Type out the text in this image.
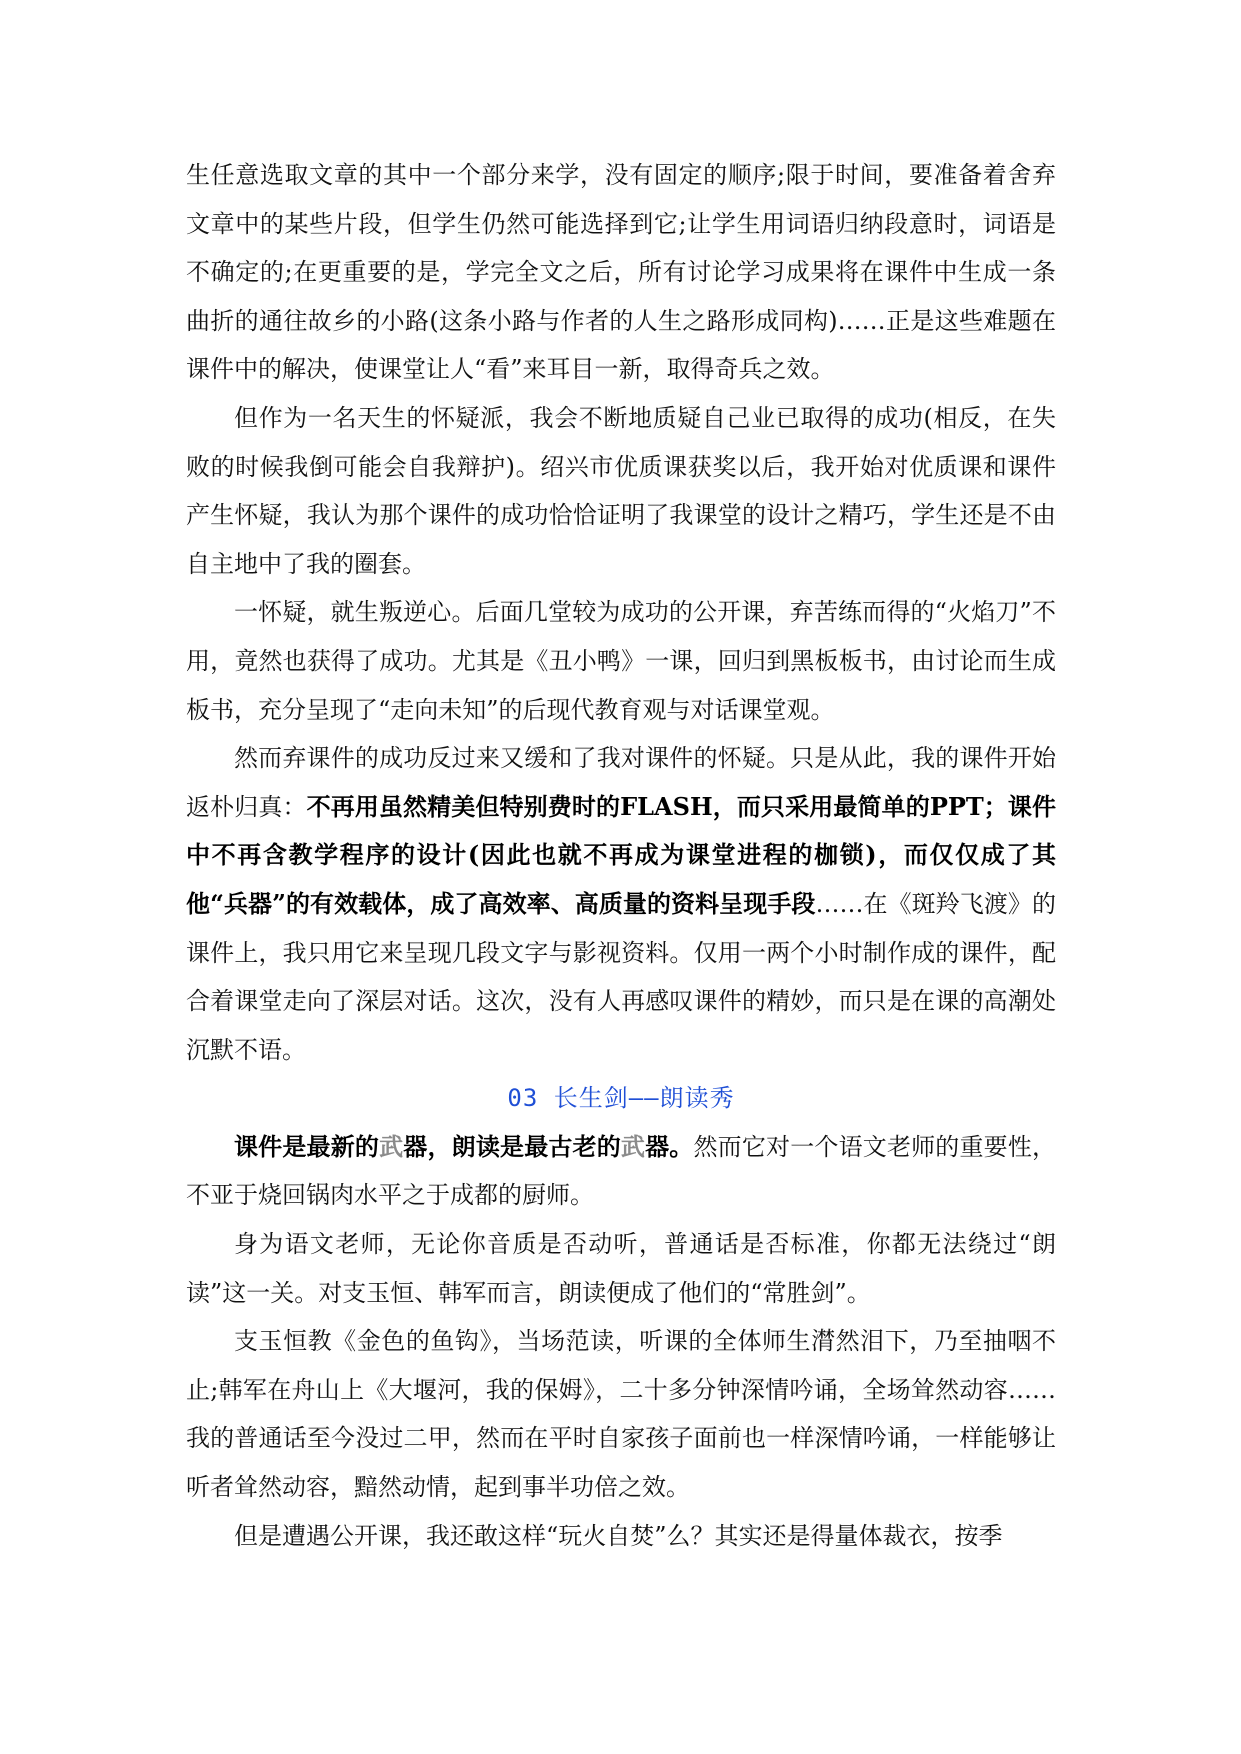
生任意选取文章的其中一个部分来学，没有固定的顺序;限于时间，要准备着舍弃文章中的某些片段，但学生仍然可能选择到它;让学生用词语归纳段意时，词语是不确定的;在更重要的是，学完全文之后，所有讨论学习成果将在课件中生成一条曲折的通往故乡的小路(这条小路与作者的人生之路形成同构)……正是这些难题在课件中的解决，使课堂让人“看”来耳目一新，取得奇兵之效。

但作为一名天生的怀疑派，我会不断地质疑自己业已取得的成功(相反，在失败的时候我倒可能会自我辩护)。绍兴市优质课获奖以后，我开始对优质课和课件产生怀疑，我认为那个课件的成功恰恰证明了我课堂的设计之精巧，学生还是不由自主地中了我的圈套。

一怀疑，就生叛逆心。后面几堂较为成功的公开课，弃苦练而得的“火焰刀”不用，竟然也获得了成功。尤其是《丑小鸭》一课，回归到黑板板书，由讨论而生成板书，充分呈现了“走向未知”的后现代教育观与对话课堂观。

然而弃课件的成功反过来又缓和了我对课件的怀疑。只是从此，我的课件开始返朴归真：不再用虽然精美但特别费时的FLASH，而只采用最简单的PPT；课件中不再含教学程序的设计(因此也就不再成为课堂进程的枷锁)，而仅仅成了其他“兵器”的有效载体，成了高效率、高质量的资料呈现手段……在《斑羚飞渡》的课件上，我只用它来呈现几段文字与影视资料。仅用一两个小时制作成的课件，配合着课堂走向了深层对话。这次，没有人再感叹课件的精妙，而只是在课的高潮处沉默不语。

03 长生剑——朗读秀

课件是最新的武器，朗读是最古老的武器。然而它对一个语文老师的重要性，不亚于烧回锅肉水平之于成都的厨师。

身为语文老师，无论你音质是否动听，普通话是否标准，你都无法绕过“朗读”这一关。对支玉恒、韩军而言，朗读便成了他们的“常胜剑”。

支玉恒教《金色的鱼钩》，当场范读，听课的全体师生潸然泪下，乃至抽咽不止;韩军在舟山上《大堰河，我的保姆》，二十多分钟深情吟诵，全场耸然动容……我的普通话至今没过二甲，然而在平时自家孩子面前也一样深情吟诵，一样能够让听者耸然动容，黯然动情，起到事半功倍之效。

但是遭遇公开课，我还敢这样“玩火自焚”么？其实还是得量体裁衣，按季
